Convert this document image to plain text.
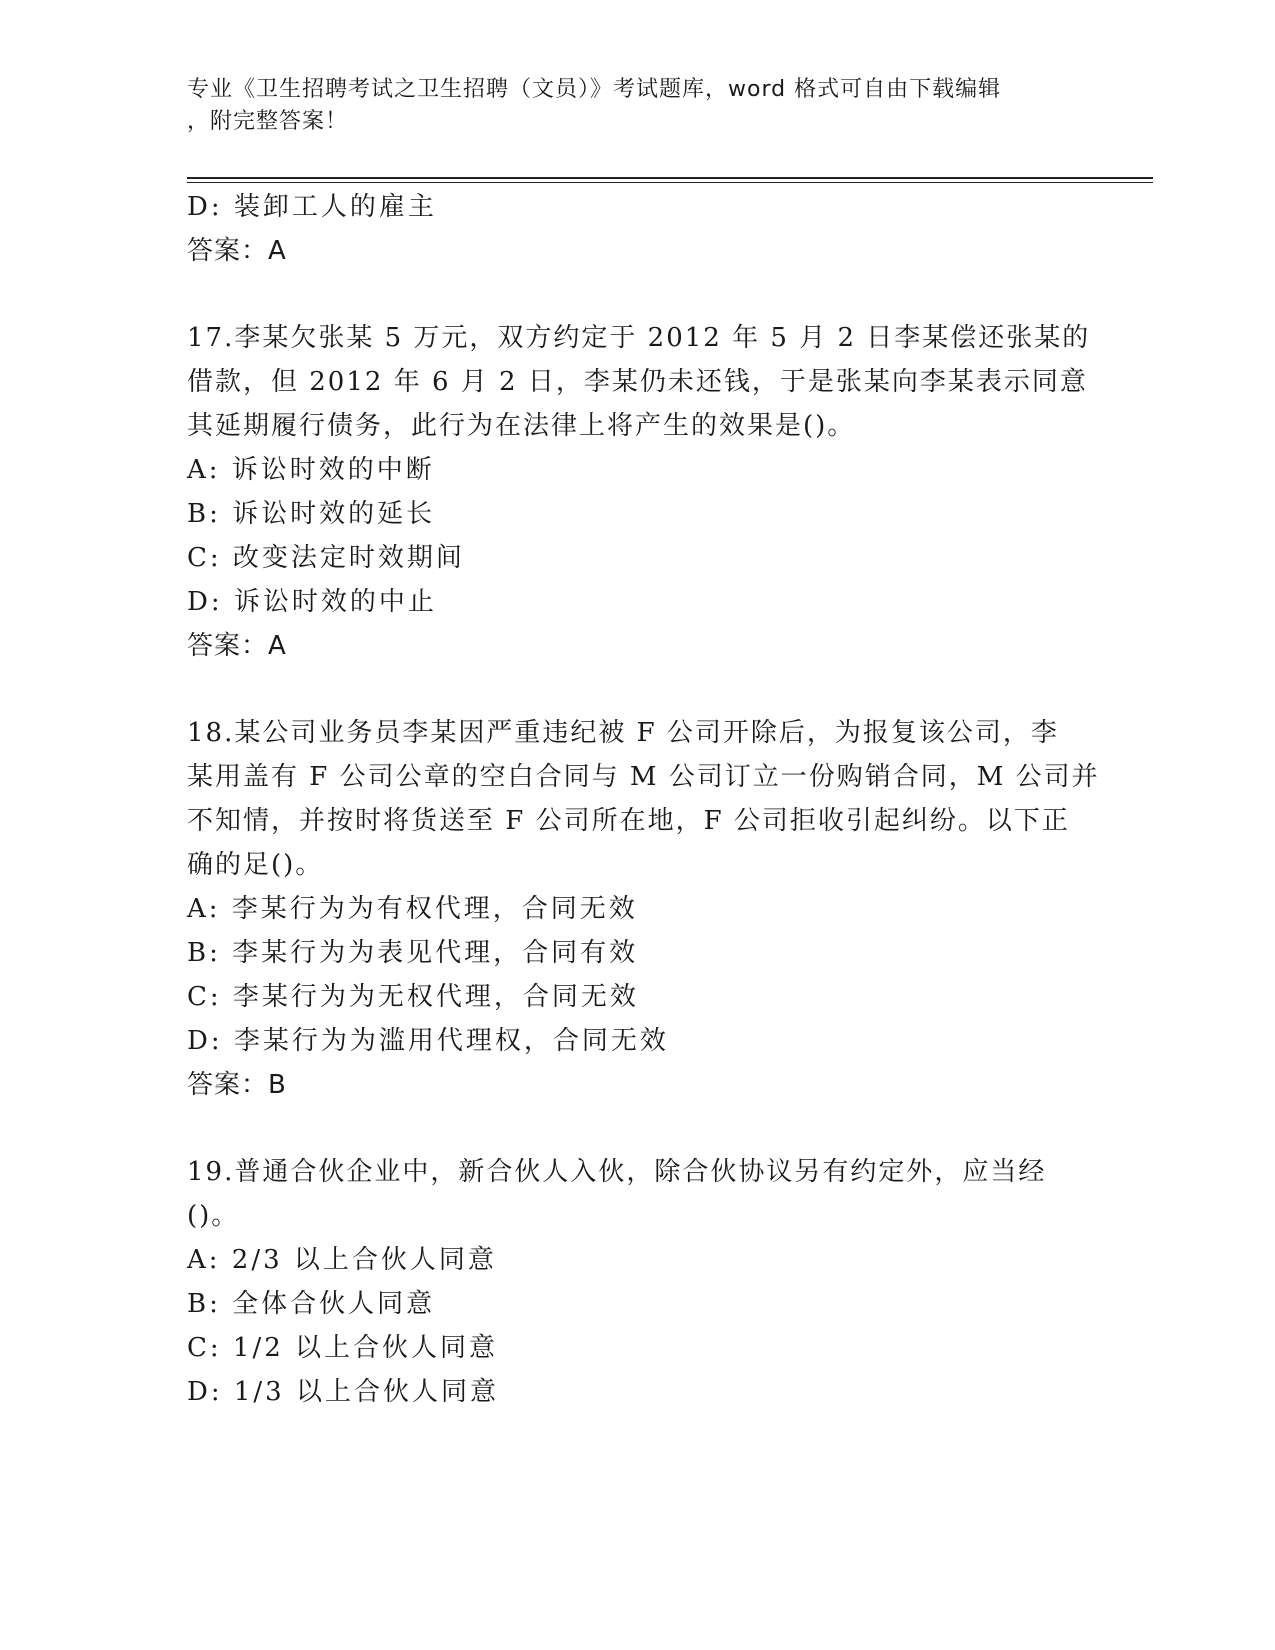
专业《卫生招聘考试之卫生招聘（文员）》考试题库，word 格式可自由下载编辑
，附完整答案！
D: 装卸工人的雇主
答案：A
17.李某欠张某 5 万元，双方约定于 2012 年 5 月 2 日李某偿还张某的
借款，但 2012 年 6 月 2 日，李某仍未还钱，于是张某向李某表示同意
其延期履行债务，此行为在法律上将产生的效果是()。
A: 诉讼时效的中断
B: 诉讼时效的延长
C: 改变法定时效期间
D: 诉讼时效的中止
答案：A
18.某公司业务员李某因严重违纪被 F 公司开除后，为报复该公司，李
某用盖有 F 公司公章的空白合同与 M 公司订立一份购销合同，M 公司并
不知情，并按时将货送至 F 公司所在地，F 公司拒收引起纠纷。以下正
确的足()。
A: 李某行为为有权代理，合同无效
B: 李某行为为表见代理，合同有效
C: 李某行为为无权代理，合同无效
D: 李某行为为滥用代理权，合同无效
答案：B
19.普通合伙企业中，新合伙人入伙，除合伙协议另有约定外，应当经
()。
A: 2/3 以上合伙人同意
B: 全体合伙人同意
C: 1/2 以上合伙人同意
D: 1/3 以上合伙人同意
